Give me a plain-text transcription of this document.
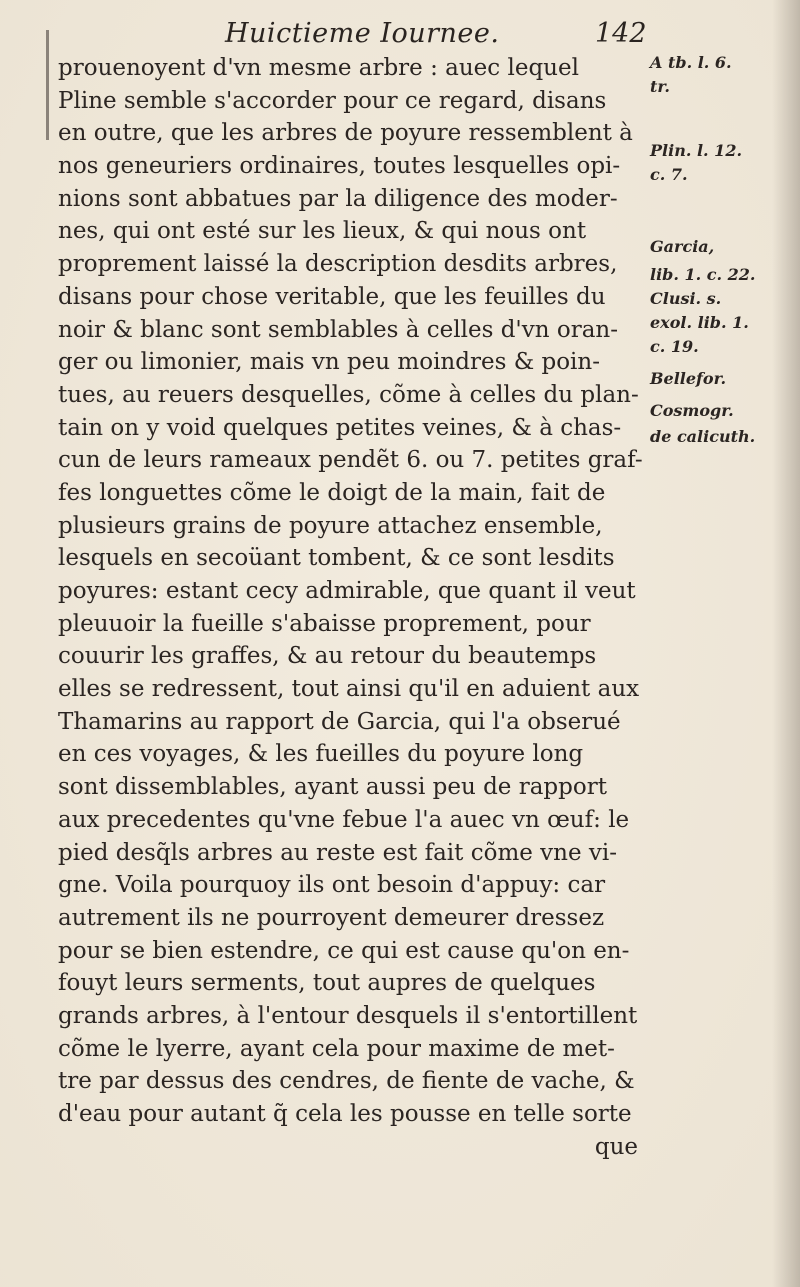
Huictieme Iournee.	142
prouenoyent d'vn mesme arbre : auec lequel
Pline semble s'accorder pour ce regard, disans
en outre, que les arbres de poyure ressemblent à
nos geneuriers ordinaires, toutes lesquelles opi-
nions sont abbatues par la diligence des moder-
nes, qui ont esté sur les lieux, & qui nous ont
proprement laissé la description desdits arbres,
disans pour chose veritable, que les feuilles du
noir & blanc sont semblables à celles d'vn oran-
ger ou limonier, mais vn peu moindres & poin-
tues, au reuers desquelles, cõme à celles du plan-
tain on y void quelques petites veines, & à chas-
cun de leurs rameaux pendẽt 6. ou 7. petites graf-
fes longuettes cõme le doigt de la main, fait de
plusieurs grains de poyure attachez ensemble,
lesquels en secoüant tombent, & ce sont lesdits
poyures: estant cecy admirable, que quant il veut
pleuuoir la fueille s'abaisse proprement, pour
couurir les graffes, & au retour du beautemps
elles se redressent, tout ainsi qu'il en aduient aux
Thamarins au rapport de Garcia, qui l'a obserué
en ces voyages, & les fueilles du poyure long
sont dissemblables, ayant aussi peu de rapport
aux precedentes qu'vne febue l'a auec vn œuf: le
pied desq̃ls arbres au reste est fait cõme vne vi-
gne. Voila pourquoy ils ont besoin d'appuy: car
autrement ils ne pourroyent demeurer dressez
pour se bien estendre, ce qui est cause qu'on en-
fouyt leurs serments, tout aupres de quelques
grands arbres, à l'entour desquels il s'entortillent
cõme le lyerre, ayant cela pour maxime de met-
tre par dessus des cendres, de fiente de vache, &
d'eau pour autant q̃ cela les pousse en telle sorte
que
A tb. l. 6.
tr.
Plin. l. 12.
c. 7.
Garcia,
lib. 1. c. 22.
Clusi. s.
exol. lib. 1.
c. 19.
Bellefor.
Cosmogr.
de calicuth.
